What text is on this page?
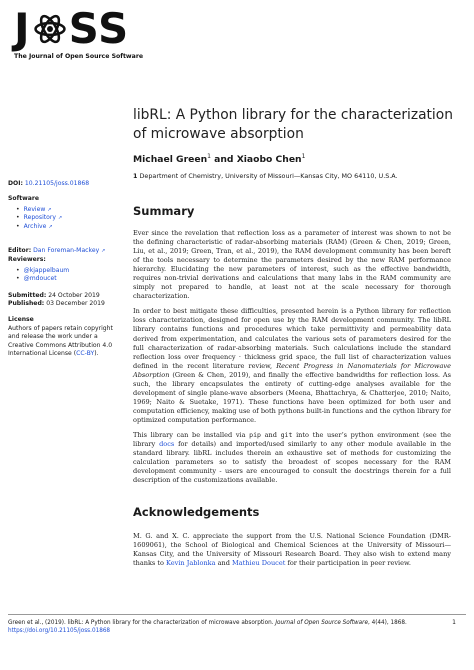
J SS
The Journal of Open Source Software
libRL: A Python library for the characterization of microwave absorption
Michael Green$^1$ and Xiaobo Chen$^1$
1 Department of Chemistry, University of Missouri—Kansas City, MO 64110, U.S.A.
DOI: 10.21105/joss.01868
Software
• Review ↗
• Repository ↗
• Archive ↗
Editor: Dan Foreman-Mackey ↗
Reviewers:
• @kjappelbaum
• @mdoucet
Submitted: 24 October 2019
Published: 03 December 2019
License
Authors of papers retain copyright and release the work under a Creative Commons Attribution 4.0 International License (CC-BY).
Summary

Ever since the revelation that reflection loss as a parameter of interest was shown to not be the defining characteristic of radar-absorbing materials (RAM) (Green & Chen, 2019; Green, Liu, et al., 2019; Green, Tran, et al., 2019), the RAM development community has been bereft of the tools necessary to determine the parameters desired by the new RAM performance hierarchy. Elucidating the new parameters of interest, such as the effective bandwidth, requires non-trivial derivations and calculations that many labs in the RAM community are simply not prepared to handle, at least not at the scale necessary for thorough characterization.

In order to best mitigate these difficulties, presented herein is a Python library for reflection loss characterization, designed for open use by the RAM development community. The libRL library contains functions and procedures which take permittivity and permeability data derived from experimentation, and calculates the various sets of parameters desired for the full characterization of radar-absorbing materials. Such calculations include the standard reflection loss over frequency · thickness grid space, the full list of characterization values defined in the recent literature review, Recent Progress in Nanomaterials for Microwave Absorption (Green & Chen, 2019), and finally the effective bandwidths for reflection loss. As such, the library encapsulates the entirety of cutting-edge analyses available for the development of single plane-wave absorbers (Meena, Bhattachrya, & Chatterjee, 2010; Naito, 1969; Naito & Suetake, 1971). These functions have been optimized for both user and computation efficiency, making use of both pythons built-in functions and the cython library for optimized computation performance.

This library can be installed via pip and git into the user’s python environment (see the library docs for details) and imported/used similarly to any other module available in the standard library. libRL includes therein an exhaustive set of methods for customizing the calculation parameters so to satisfy the broadest of scopes necessary for the RAM development community - users are encouraged to consult the docstrings therein for a full description of the customizations available.

Acknowledgements

M. G. and X. C. appreciate the support from the U.S. National Science Foundation (DMR-1609061), the School of Biological and Chemical Sciences at the University of Missouri—Kansas City, and the University of Missouri Research Board. They also wish to extend many thanks to Kevin Jablonka and Mathieu Doucet for their participation in peer review.

Green et al., (2019). libRL: A Python library for the characterization of microwave absorption. Journal of Open Source Software, 4(44), 1868.
https://doi.org/10.21105/joss.01868
1
